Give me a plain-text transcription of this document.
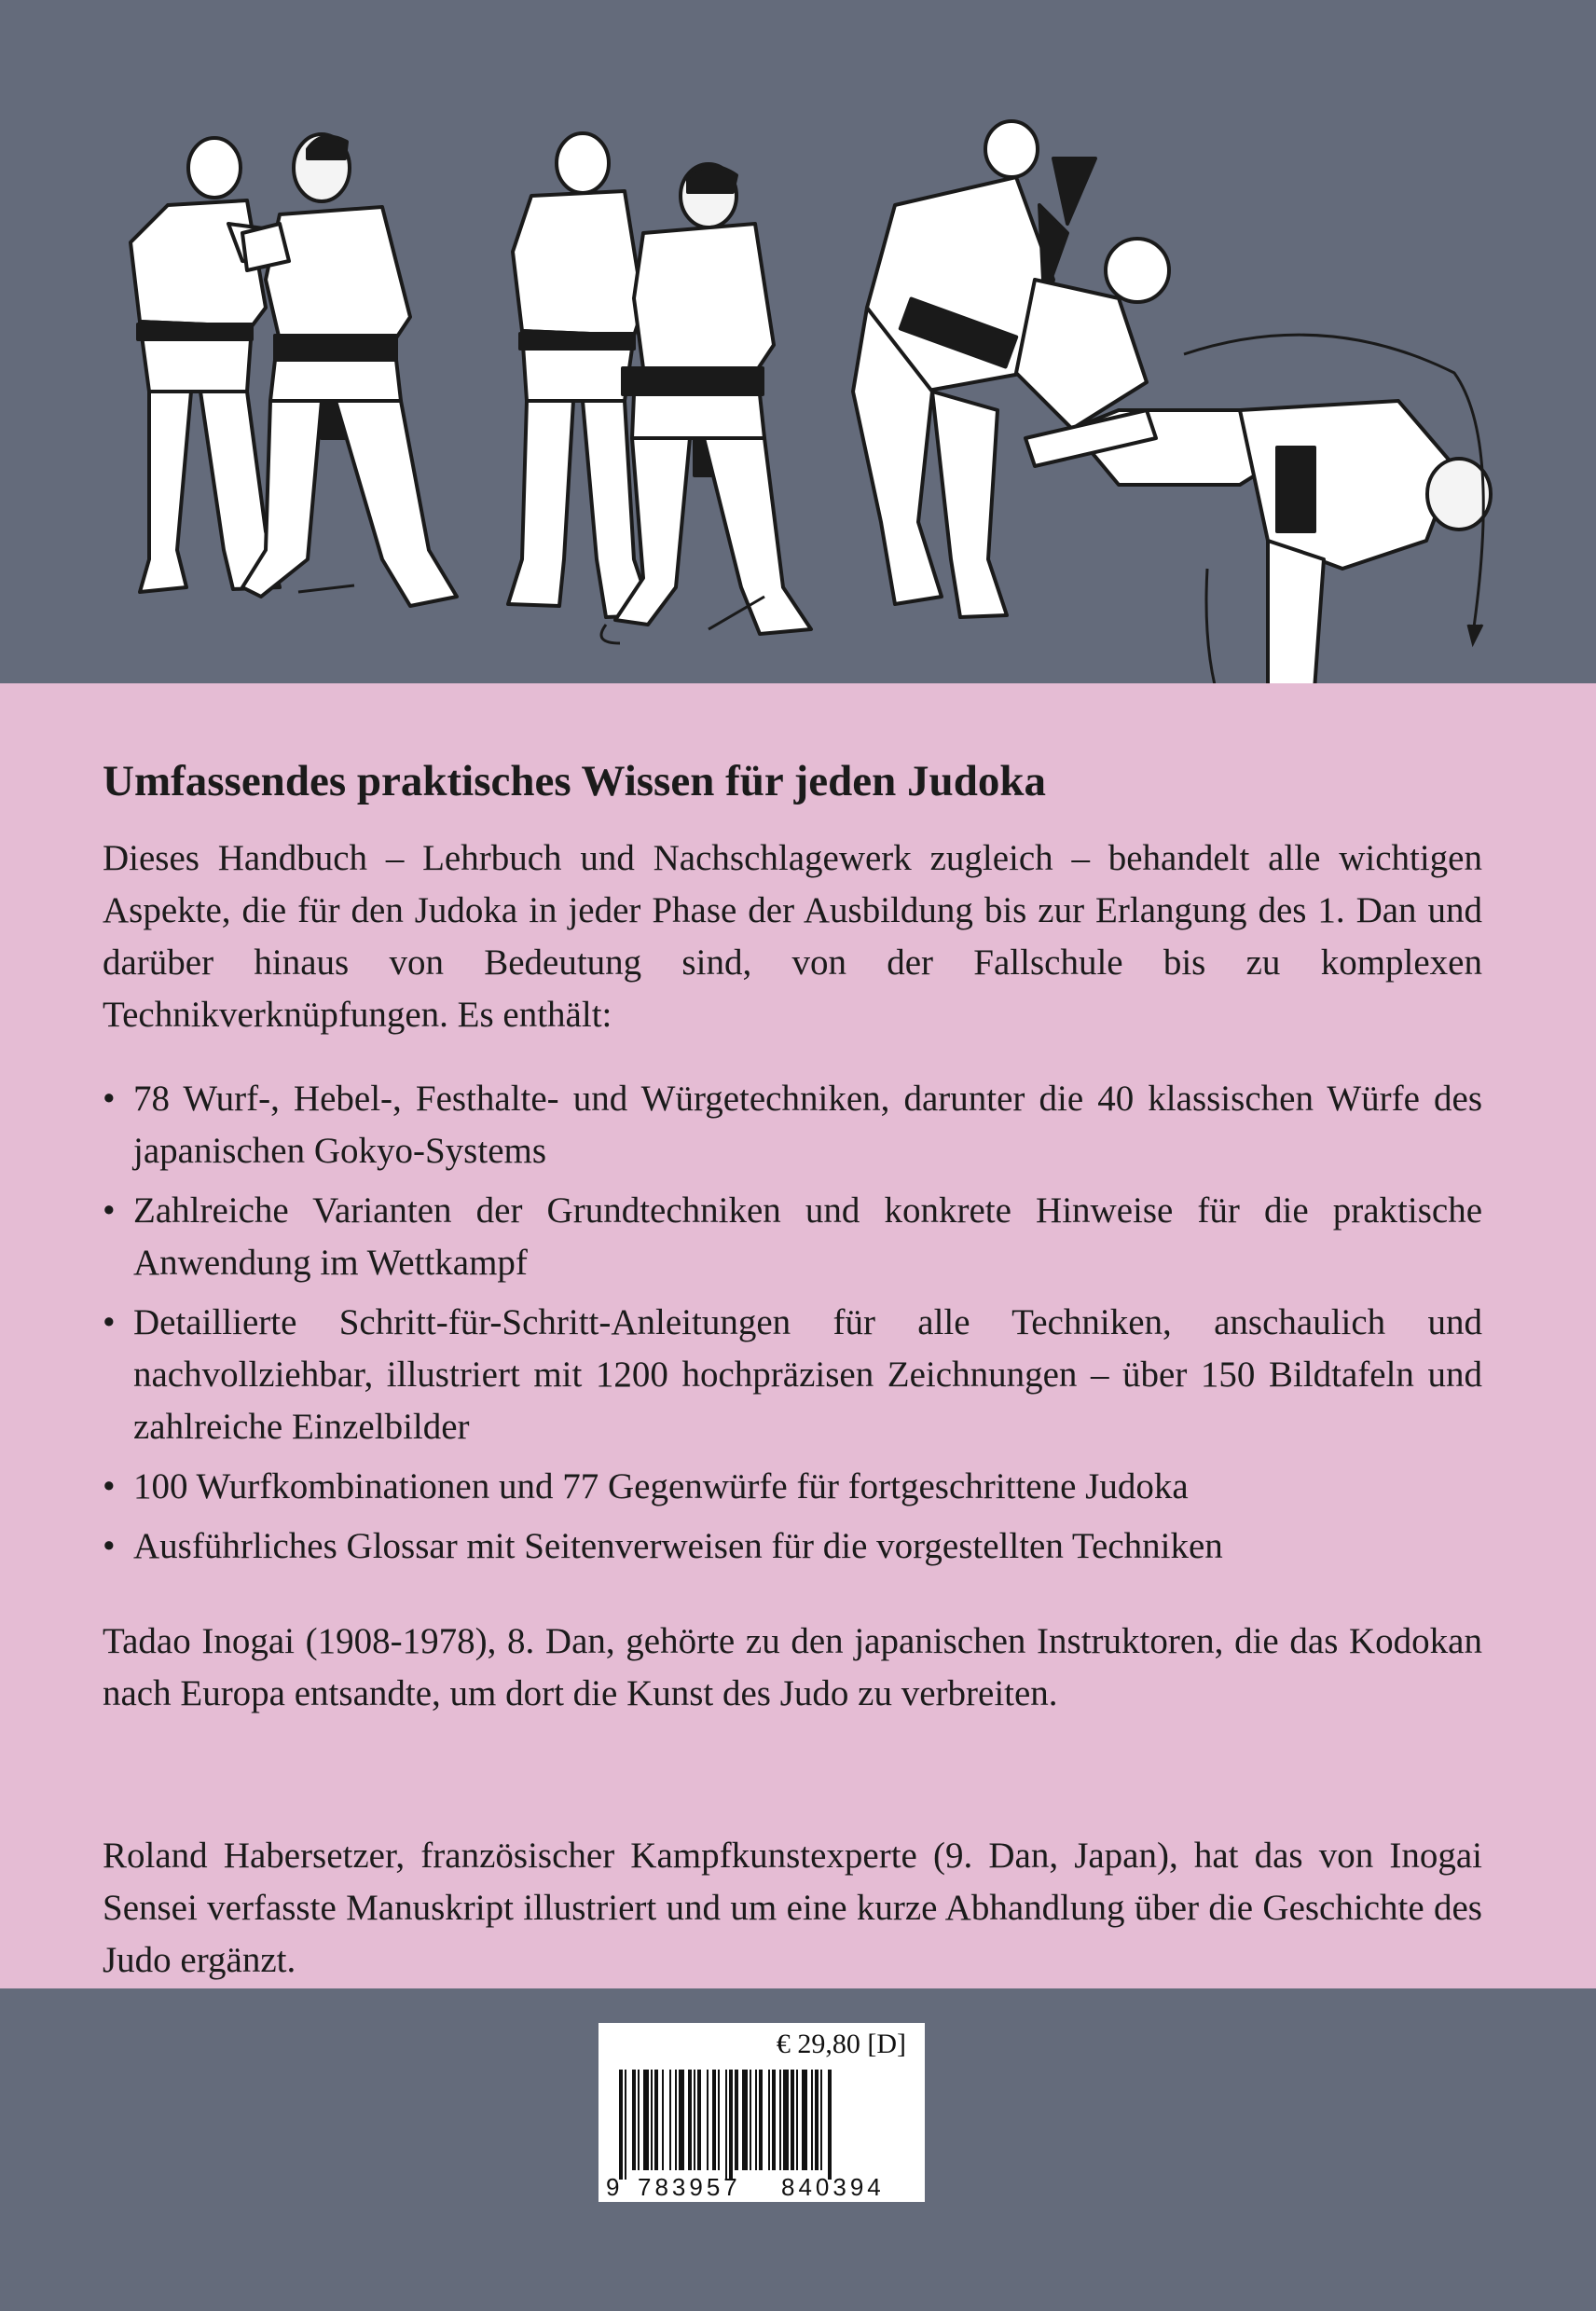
Umfassendes praktisches Wissen für jeden Judoka

Dieses Handbuch – Lehrbuch und Nachschlagewerk zugleich – behandelt alle wichtigen Aspekte, die für den Judoka in jeder Phase der Ausbildung bis zur Erlangung des 1. Dan und darüber hinaus von Bedeutung sind, von der Fallschule bis zu komplexen Technikverknüpfungen. Es enthält:

• 78 Wurf-, Hebel-, Festhalte- und Würgetechniken, darunter die 40 klassischen Würfe des japanischen Gokyo-Systems
• Zahlreiche Varianten der Grundtechniken und konkrete Hinweise für die praktische Anwendung im Wettkampf
• Detaillierte Schritt-für-Schritt-Anleitungen für alle Techniken, anschaulich und nachvollziehbar, illustriert mit 1200 hochpräzisen Zeichnungen – über 150 Bildtafeln und zahlreiche Einzelbilder
• 100 Wurfkombinationen und 77 Gegenwürfe für fortgeschrittene Judoka
• Ausführliches Glossar mit Seitenverweisen für die vorgestellten Techniken

Tadao Inogai (1908-1978), 8. Dan, gehörte zu den japanischen Instruktoren, die das Kodokan nach Europa entsandte, um dort die Kunst des Judo zu verbreiten.

Roland Habersetzer, französischer Kampfkunstexperte (9. Dan, Japan), hat das von Inogai Sensei verfasste Manuskript illustriert und um eine kurze Abhandlung über die Geschichte des Judo ergänzt.

€ 29,80 [D]

9 783957 840394
